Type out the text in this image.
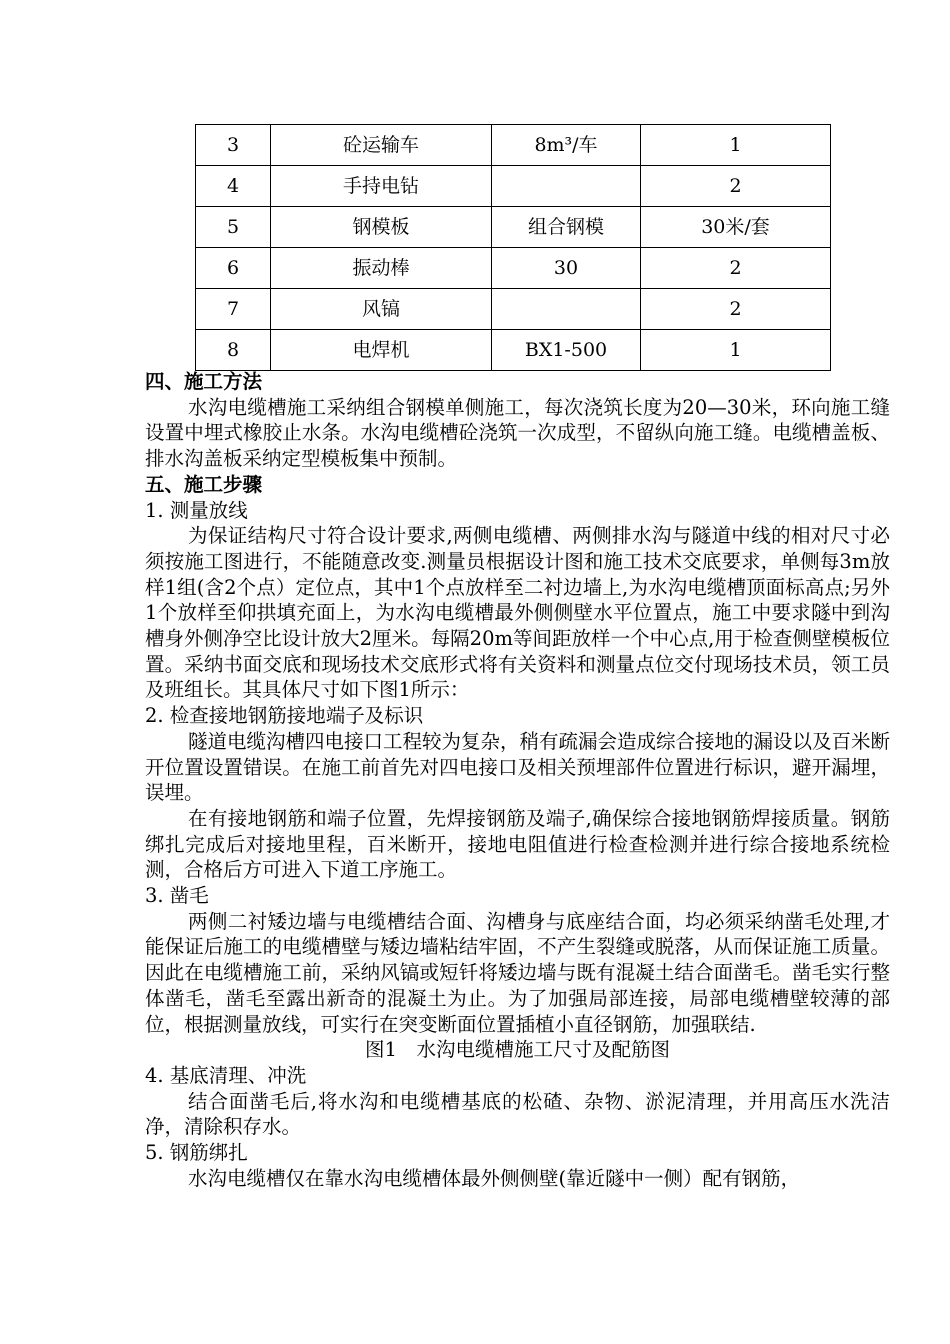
3	砼运输车	8m³/车	1
4	手持电钻		2
5	钢模板	组合钢模	30米/套
6	振动棒	30	2
7	风镐		2
8	电焊机	BX1-500	1

四、施工方法

水沟电缆槽施工采纳组合钢模单侧施工，每次浇筑长度为20—30米，环向施工缝设置中埋式橡胶止水条。水沟电缆槽砼浇筑一次成型，不留纵向施工缝。电缆槽盖板、排水沟盖板采纳定型模板集中预制。

五、施工步骤

1. 测量放线

为保证结构尺寸符合设计要求,两侧电缆槽、两侧排水沟与隧道中线的相对尺寸必须按施工图进行，不能随意改变.测量员根据设计图和施工技术交底要求，单侧每3m放样1组(含2个点）定位点，其中1个点放样至二衬边墙上,为水沟电缆槽顶面标高点;另外1个放样至仰拱填充面上，为水沟电缆槽最外侧侧壁水平位置点，施工中要求隧中到沟槽身外侧净空比设计放大2厘米。每隔20m等间距放样一个中心点,用于检查侧壁模板位置。采纳书面交底和现场技术交底形式将有关资料和测量点位交付现场技术员，领工员及班组长。其具体尺寸如下图1所示：

2. 检查接地钢筋接地端子及标识

隧道电缆沟槽四电接口工程较为复杂，稍有疏漏会造成综合接地的漏设以及百米断开位置设置错误。在施工前首先对四电接口及相关预埋部件位置进行标识，避开漏埋，误埋。

在有接地钢筋和端子位置，先焊接钢筋及端子,确保综合接地钢筋焊接质量。钢筋绑扎完成后对接地里程，百米断开，接地电阻值进行检查检测并进行综合接地系统检测，合格后方可进入下道工序施工。

3. 凿毛

两侧二衬矮边墙与电缆槽结合面、沟槽身与底座结合面，均必须采纳凿毛处理,才能保证后施工的电缆槽壁与矮边墙粘结牢固，不产生裂缝或脱落，从而保证施工质量。因此在电缆槽施工前，采纳风镐或短钎将矮边墙与既有混凝土结合面凿毛。凿毛实行整体凿毛，凿毛至露出新奇的混凝土为止。为了加强局部连接，局部电缆槽壁较薄的部位，根据测量放线，可实行在突变断面位置插植小直径钢筋，加强联结.

图1　水沟电缆槽施工尺寸及配筋图

4. 基底清理、冲洗

结合面凿毛后,将水沟和电缆槽基底的松碴、杂物、淤泥清理，并用高压水洗洁净，清除积存水。

5. 钢筋绑扎

水沟电缆槽仅在靠水沟电缆槽体最外侧侧壁(靠近隧中一侧）配有钢筋，
